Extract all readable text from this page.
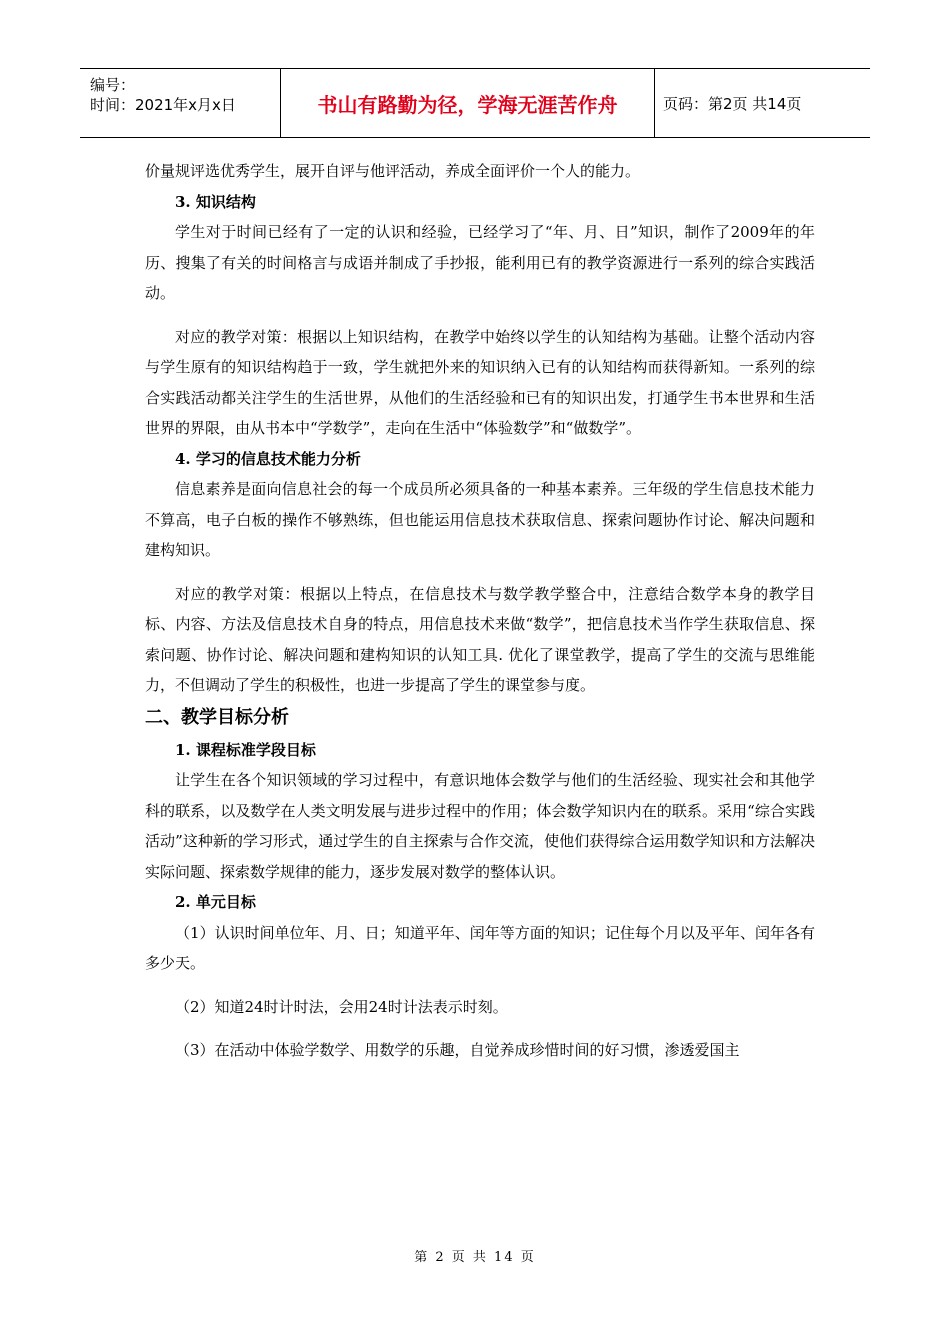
编号：
时间：2021年x月x日	书山有路勤为径，学海无涯苦作舟	页码：第2页 共14页

价量规评选优秀学生，展开自评与他评活动，养成全面评价一个人的能力。

3. 知识结构

学生对于时间已经有了一定的认识和经验，已经学习了“年、月、日”知识，制作了2009年的年历、搜集了有关的时间格言与成语并制成了手抄报，能利用已有的教学资源进行一系列的综合实践活动。

对应的教学对策：根据以上知识结构，在教学中始终以学生的认知结构为基础。让整个活动内容与学生原有的知识结构趋于一致，学生就把外来的知识纳入已有的认知结构而获得新知。一系列的综合实践活动都关注学生的生活世界，从他们的生活经验和已有的知识出发，打通学生书本世界和生活世界的界限，由从书本中“学数学”，走向在生活中“体验数学”和“做数学”。

4. 学习的信息技术能力分析

信息素养是面向信息社会的每一个成员所必须具备的一种基本素养。三年级的学生信息技术能力不算高，电子白板的操作不够熟练，但也能运用信息技术获取信息、探索问题协作讨论、解决问题和建构知识。

对应的教学对策：根据以上特点，在信息技术与数学教学整合中，注意结合数学本身的教学目标、内容、方法及信息技术自身的特点，用信息技术来做“数学”，把信息技术当作学生获取信息、探索问题、协作讨论、解决问题和建构知识的认知工具. 优化了课堂教学，提高了学生的交流与思维能力，不但调动了学生的积极性，也进一步提高了学生的课堂参与度。

二、教学目标分析

1. 课程标准学段目标

让学生在各个知识领域的学习过程中，有意识地体会数学与他们的生活经验、现实社会和其他学科的联系，以及数学在人类文明发展与进步过程中的作用；体会数学知识内在的联系。采用“综合实践活动”这种新的学习形式，通过学生的自主探索与合作交流，使他们获得综合运用数学知识和方法解决实际问题、探索数学规律的能力，逐步发展对数学的整体认识。

2. 单元目标

（1）认识时间单位年、月、日；知道平年、闰年等方面的知识；记住每个月以及平年、闰年各有多少天。

（2）知道24时计时法，会用24时计法表示时刻。

（3）在活动中体验学数学、用数学的乐趣，自觉养成珍惜时间的好习惯，渗透爱国主

第 2 页 共 14 页
